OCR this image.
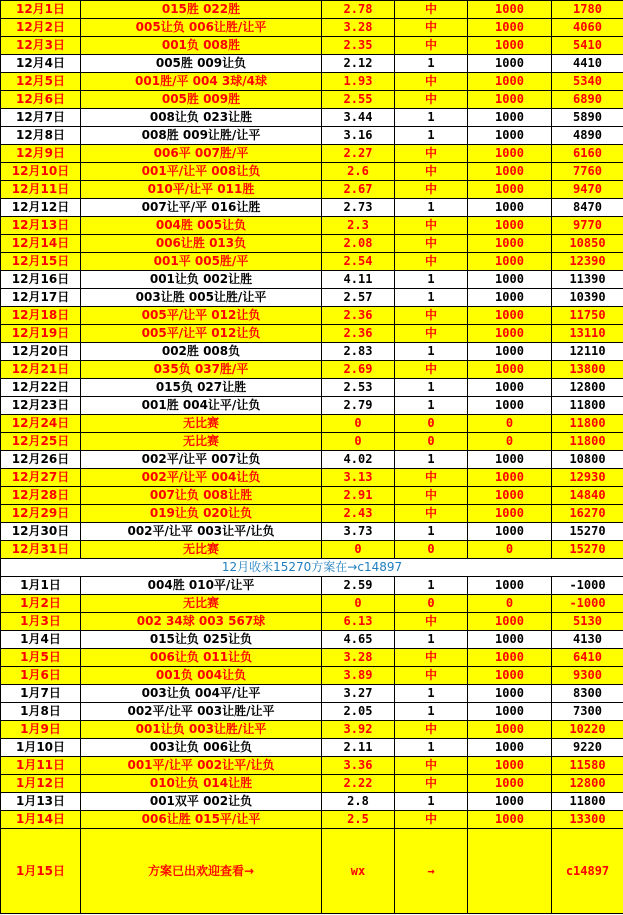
12月1日	015胜 022胜	2.78	中	1000	1780
12月2日	005让负 006让胜/让平	3.28	中	1000	4060
12月3日	001负 008胜	2.35	中	1000	5410
12月4日	005胜 009让负	2.12	1	1000	4410
12月5日	001胜/平 004 3球/4球	1.93	中	1000	5340
12月6日	005胜 009胜	2.55	中	1000	6890
12月7日	008让负 023让胜	3.44	1	1000	5890
12月8日	008胜 009让胜/让平	3.16	1	1000	4890
12月9日	006平 007胜/平	2.27	中	1000	6160
12月10日	001平/让平 008让负	2.6	中	1000	7760
12月11日	010平/让平 011胜	2.67	中	1000	9470
12月12日	007让平/平 016让胜	2.73	1	1000	8470
12月13日	004胜 005让负	2.3	中	1000	9770
12月14日	006让胜 013负	2.08	中	1000	10850
12月15日	001平 005胜/平	2.54	中	1000	12390
12月16日	001让负 002让胜	4.11	1	1000	11390
12月17日	003让胜 005让胜/让平	2.57	1	1000	10390
12月18日	005平/让平 012让负	2.36	中	1000	11750
12月19日	005平/让平 012让负	2.36	中	1000	13110
12月20日	002胜 008负	2.83	1	1000	12110
12月21日	035负 037胜/平	2.69	中	1000	13800
12月22日	015负 027让胜	2.53	1	1000	12800
12月23日	001胜 004让平/让负	2.79	1	1000	11800
12月24日	无比赛	0	0	0	11800
12月25日	无比赛	0	0	0	11800
12月26日	002平/让平 007让负	4.02	1	1000	10800
12月27日	002平/让平 004让负	3.13	中	1000	12930
12月28日	007让负 008让胜	2.91	中	1000	14840
12月29日	019让负 020让负	2.43	中	1000	16270
12月30日	002平/让平 003让平/让负	3.73	1	1000	15270
12月31日	无比赛	0	0	0	15270
12月收米15270方案在→c14897					
1月1日	004胜 010平/让平	2.59	1	1000	-1000
1月2日	无比赛	0	0	0	-1000
1月3日	002 34球 003 567球	6.13	中	1000	5130
1月4日	015让负 025让负	4.65	1	1000	4130
1月5日	006让负 011让负	3.28	中	1000	6410
1月6日	001负 004让负	3.89	中	1000	9300
1月7日	003让负 004平/让平	3.27	1	1000	8300
1月8日	002平/让平 003让胜/让平	2.05	1	1000	7300
1月9日	001让负 003让胜/让平	3.92	中	1000	10220
1月10日	003让负 006让负	2.11	1	1000	9220
1月11日	001平/让平 002让平/让负	3.36	中	1000	11580
1月12日	010让负 014让胜	2.22	中	1000	12800
1月13日	001双平 002让负	2.8	1	1000	11800
1月14日	006让胜 015平/让平	2.5	中	1000	13300
1月15日	方案已出欢迎查看→	wx	→		c14897
